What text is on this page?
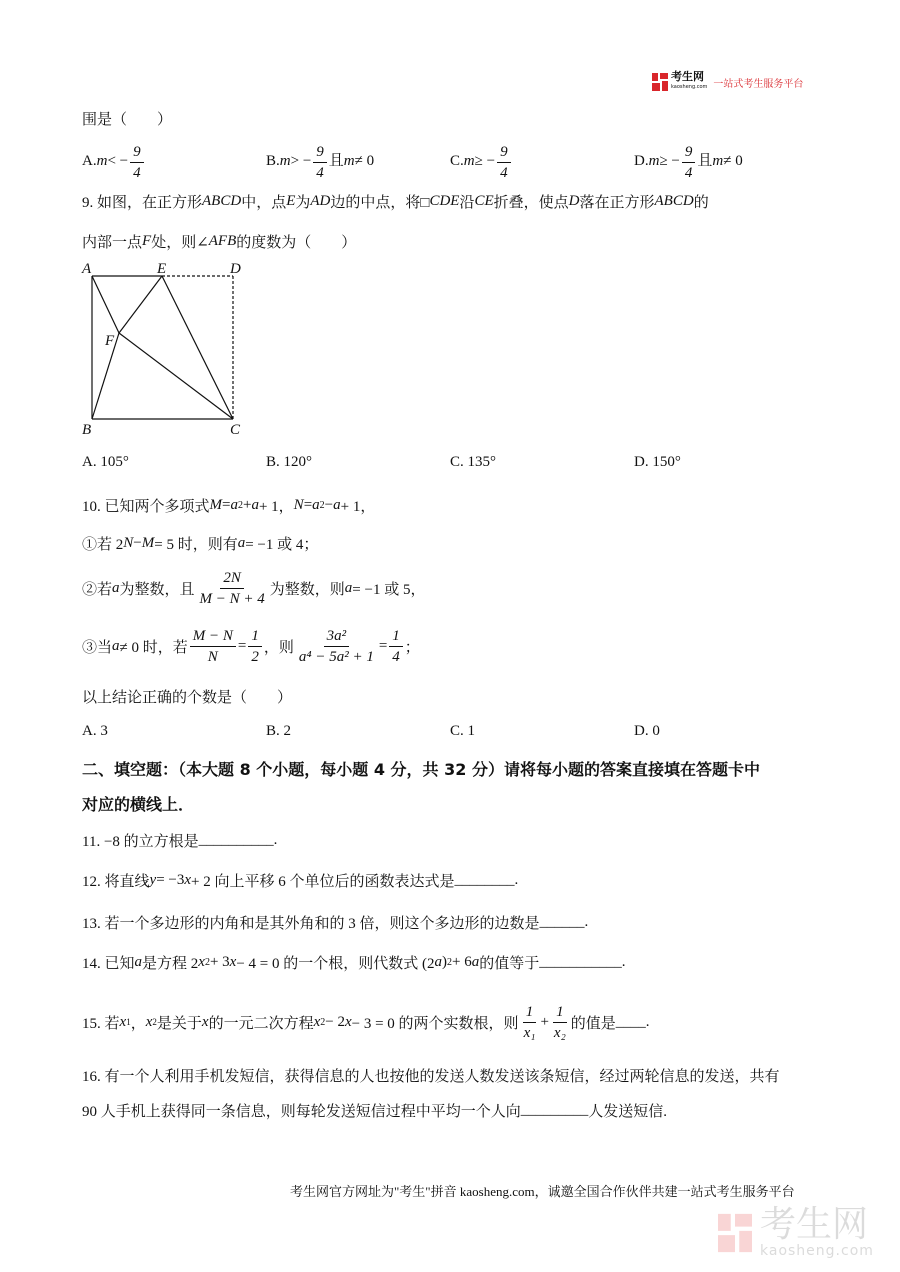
考生网
kaosheng.com 一站式考生服务平台
围是（　　）
$A.m< - \frac{9}{4}$	$B.m> - \frac{9}{4}$ 且m≠ 0	$C.m\ge - \frac{9}{4}$	$D.m\ge - \frac{9}{4}$ 且m≠ 0
9. 如图，在正方形 ABCD 中，点 E 为 AD 边的中点，将□ CDE 沿 CE 折叠，使点 D 落在正方形 ABCD 的
内部一点 F 处，则∠ AFB 的度数为（　　）
A	E	D
F
B	C
A. 105°	B. 120°	C. 135°	D. 150°
10. 已知两个多项式 M = a 2 + a + 1， N = a 2 − a + 1，
①若 2 N − M = 5 时，则有 a = −1 或 4；
②若 a 为整数，且 $\frac{2N}{M - N + 4}$ 为整数，则 a = −1 或 5，
③当 a ≠ 0 时，若 $\frac{M - N}{N} = \frac{1}{2}$ ，则 $\frac{\text{3a²}}{\text{a⁴ − 5a² + 1}} = \frac{1}{4}$ ；
以上结论正确的个数是（　　）
A. 3	B. 2	C. 1	D. 0
二、填空题：（本大题 8 个小题，每小题 4 分，共 32 分）请将每小题的答案直接填在答题卡中
对应的横线上．
11. −8 的立方根是 __________ .
12. 将直线 y = −3 x + 2 向上平移 6 个单位后的函数表达式是 ________ .
13. 若一个多边形的内角和是其外角和的 3 倍，则这个多边形的边数是 ______ .
14. 已知 a 是方程 2 x 2 + 3 x − 4 = 0 的一个根，则代数式 (2 a ) 2 + 6 a 的值等于 ___________ .
15. 若 x 1 ， x 2 是关于 x 的一元二次方程 x 2 − 2 x − 3 = 0 的两个实数根，则 $\frac{1}{\text{x₁}} + \frac{1}{\text{x₂}}$ 的值是 ____ .
16. 有一个人利用手机发短信，获得信息的人也按他的发送人数发送该条短信，经过两轮信息的发送，共有
90 人手机上获得同一条信息，则每轮发送短信过程中平均一个人向 _________ 人发送短信.
考生网官方网址为"考生"拼音 kaosheng.com，诚邀全国合作伙伴共建一站式考生服务平台
考生网
kaosheng.com
